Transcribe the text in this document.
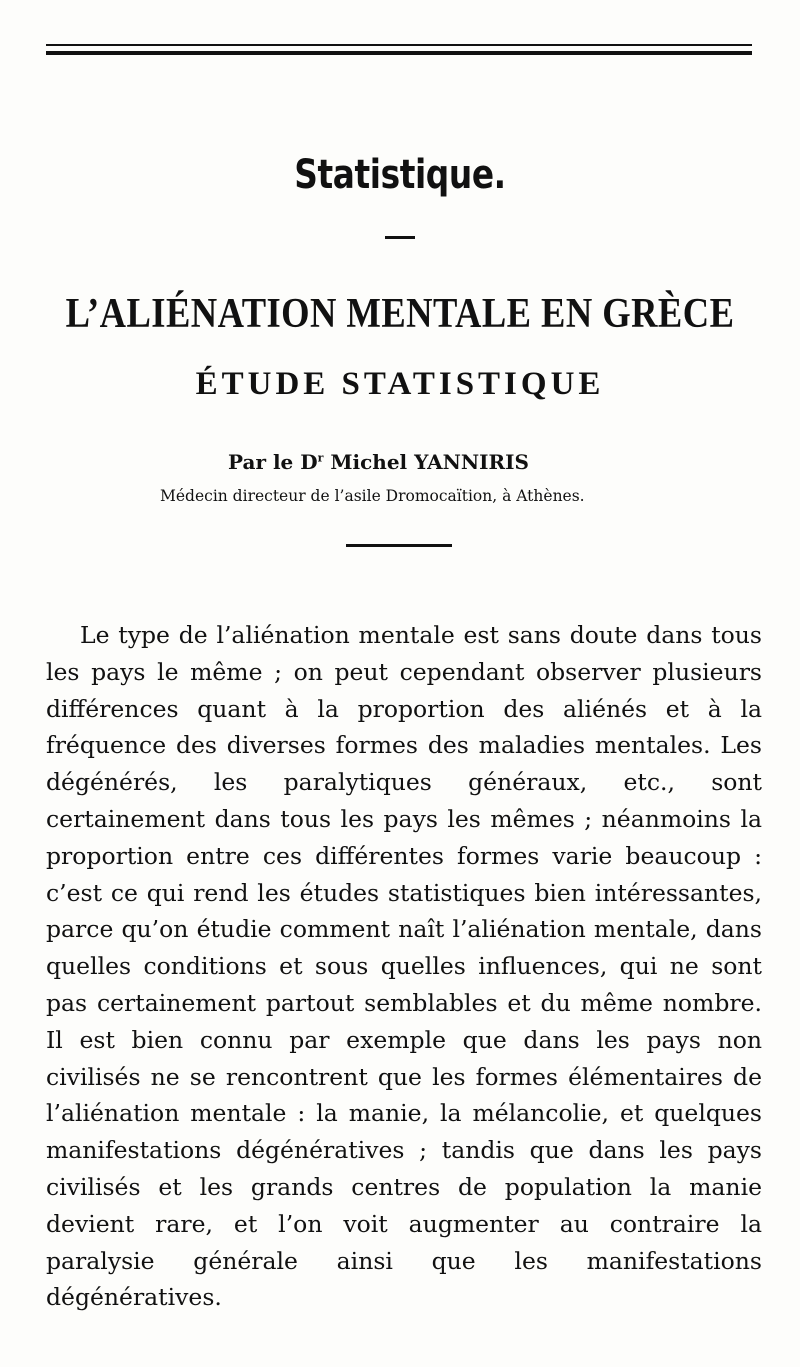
Statistique.
L’ALIÉNATION MENTALE EN GRÈCE
ÉTUDE STATISTIQUE
Par le $D^r$ Michel YANNIRIS
Médecin directeur de l’asile Dromocaïtion, à Athènes.

Le type de l’aliénation mentale est sans doute dans tous les pays le même ; on peut cependant observer plusieurs différences quant à la proportion des aliénés et à la fréquence des diverses formes des maladies mentales. Les dégénérés, les paralytiques généraux, etc., sont certainement dans tous les pays les mêmes ; néanmoins la proportion entre ces différentes formes varie beaucoup : c’est ce qui rend les études statistiques bien intéressantes, parce qu’on étudie comment naît l’aliénation mentale, dans quelles conditions et sous quelles influences, qui ne sont pas certainement partout semblables et du même nombre. Il est bien connu par exemple que dans les pays non civilisés ne se rencontrent que les formes élémentaires de l’aliénation mentale : la manie, la mélancolie, et quelques manifestations dégénératives ; tandis que dans les pays civilisés et les grands centres de population la manie devient rare, et l’on voit augmenter au contraire la paralysie générale ainsi que les manifestations dégénératives.
